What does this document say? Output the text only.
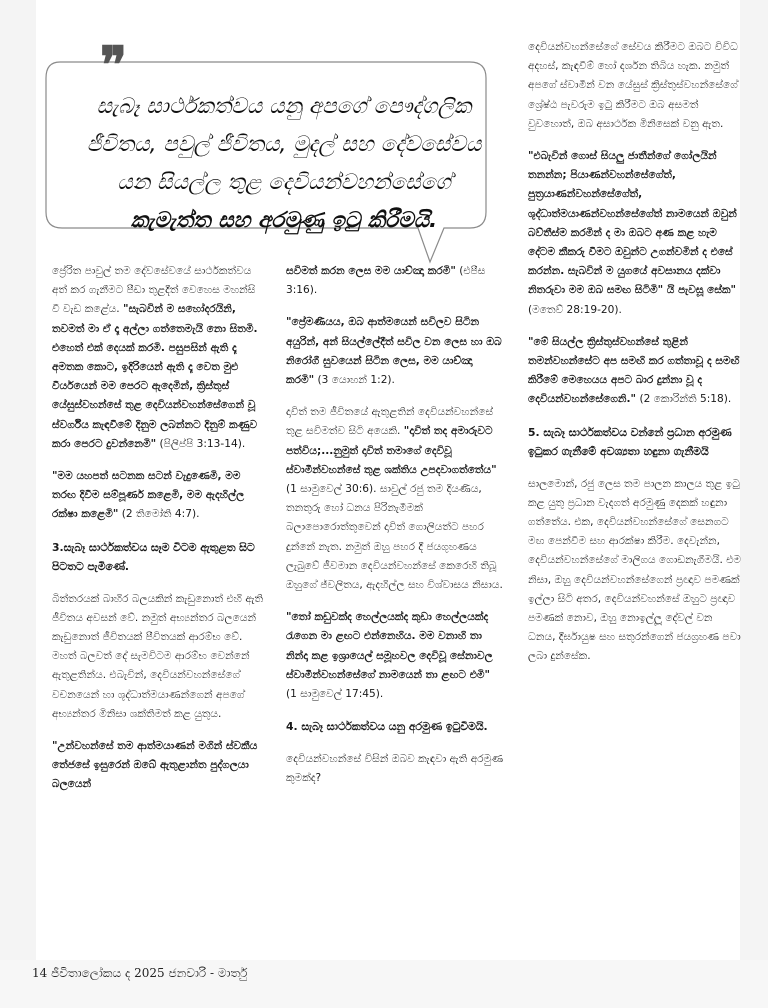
❞
සැබෑ සාර්ථකත්වය යනු අපගේ පෞද්ගලික
ජීවිතය, පවුල් ජීවිතය, මුදල් සහ දේවසේවය
යන සියල්ල තුළ දෙවියන්වහන්සේගේ
කැමැත්ත සහ අරමුණු ඉටු කිරීමයි.

ප්‍රේරිත පාවුල් තම දේවසේවයේ සාර්ථකත්වය අත් කර ගැනීමට පීඩා තුළදීත් වෙහෙස මහන්සි වී වැඩ කළේය. "සැබවින් ම සහෝදරයිනි, තවමත් මා ඒ දෑ අල්ලා ගත්තෙමැයි නො සිතමි. එහෙත් එක් දෙයක් කරමි. පසුපසින් ඇති දෑ අමතක කොට, ඉදිරියෙන් ඇති දෑ වෙත මුළු වීර්යයෙන් මම පෙරට ඇදෙමින්, ක්‍රිස්තුස් යේසුස්වහන්සේ තුළ දෙවියන්වහන්සේගෙන් වූ ස්වර්ගීය කැඳවීමේ දිනුම ලබන්නට දිනුම් කණුව කරා පෙරට දුවන්නෙමි" (පිලිප්පි 3:13-14).

"මම යහපත් සටනක සටන් වැදුණෙමි, මම තරඟ දිවීම සම්පූර්ණ කළෙමි, මම ඇදහිල්ල රක්ෂා කළෙමි" (2 තිමෝති 4:7).

3.සැබෑ සාර්ථකත්වය සෑම විටම ඇතුළත සිට පිටතට පැමිණේ.

බිත්තරයක් බාහිර බලයකින් කැඩුනොත් එහි ඇති ජීවිතය අවසන් වේ. නමුත් අභ්‍යන්තර බලයෙන් කැඩුනොත් ජීවිතයක් පීවිතයක් ආරම්භ වේ. මහත් බලවත් දේ සැමවිටම ආරම්භ වෙන්නේ ඇතුළතින්ය. එබැවින්, දෙවියන්වහන්සේගේ වචනයෙන් හා ශුද්ධාත්මයාණන්ගෙන් අපගේ අභ්‍යන්තර මිනිසා ශක්තිමත් කළ යුතුය.

"උන්වහන්සේ තම ආත්මයාණන් මගින් ස්වකීය තේජසේ ඉසුරෙන් ඔබේ ඇතුළාන්ත පුද්ගලයා බලයෙන්

සවිමත් කරන ලෙස මම යාච්ඤා කරමි" (එපීස 3:16).

"ප්‍රේමණීයය, ඔබ ආත්මයෙන් සවිලව සිටින අයුරින්, අන් සියල්ලේදීත් සවිල වන ලෙස හා ඔබ නිරෝගී සුවයෙන් සිටින ලෙස, මම යාච්ඤා කරමි" (3 යොහන් 1:2).

දාවිත් තම ජීවිතයේ ඇතුළතින් දෙවියන්වහන්සේ තුළ සවිමත්ව සිටි අයෙකි. "දාවිත් තද අමාරුවට පත්විය;...නුමුත් දාවිත් තමාගේ දෙවිවූ ස්වාමීන්වහන්සේ තුළ ශක්තිය උපදවාගත්තේය" (1 සාමුවෙල් 30:6). සාවුල් රජු තම දියණිය, තනතුරු හෝ ධනය පිරිනැමීමක් බලාපොරොත්තුවෙන් දාවිත් ගොලියත්ට පහර දුන්නේ නැත. නමුත් ඔහු පහර දී ජයගුහණය ලැබුවේ ජීවමාන දෙවියන්වහන්සේ කෙරෙහි තිබූ ඔහුගේ ජ්වලිතය, ඇදහිල්ල සහ විශ්වාසය නිසාය.

"තෝ කඩුවක්ද හෙල්ලයක්ද කුඩා හෙල්ලයක්ද රැගෙන මා ළඟට එන්නෙහිය. මම වනාහි තා නින්දා කළ ඉශ්‍රායෙල් සමූහවල දෙවිවූ සේනාවල ස්වාමීන්වහන්සේගේ නාමයෙන් තා ළඟට එමි" (1 සාමුවෙල් 17:45).

4. සැබෑ සාර්ථකත්වය යනු අරමුණ ඉටුවීමයි.

දෙවියන්වහන්සේ විසින් ඔබව කැඳවා ඇති අරමුණ කුමක්ද?

දෙවියන්වහන්සේගේ සේවය කිරීමට ඔබට විවිධ අදහස්, කැඳවීම් හෝ දර්ශන තිබිය හැක. නමුත් අපගේ ස්වාමීන් වන යේසුස් ක්‍රිස්තුස්වහන්සේගේ ශ්‍රේෂ්ඨ පැවරුම ඉටු කිරීමට ඔබ අසමත් වුවහොත්, ඔබ අසාර්ථක මිනිසෙක් වනු ඇත.

"එබැවින් ගොස් සියලු ජාතීන්ගේ ගෝලයින් තනන්න; පියාණන්වහන්සේගේත්, පුත්‍රයාණන්වහන්සේගේත්, ශුද්ධාත්මයාණන්වහන්සේගේත් නාමයෙන් ඔවුන් බව්තීස්ම කරමින් ද මා ඔබට අණ කළ හැම දේටම කීකරු වීමට ඔවුන්ට උගන්වමින් ද එසේ කරන්න. සැබවින් ම යුගයේ අවසානය දක්වා නිතරුවා මම ඔබ සමඟ සිටිමි" යි පැවසූ සේක" (මතෙව් 28:19-20).

"මේ සියල්ල ක්‍රිස්තුස්වහන්සේ තුළින් තමන්වහන්සේට අප සමඟි කර ගත්තාවූ ද සමඟි කිරීමේ මෙහෙයය අපට බාර දුන්නා වූ ද දෙවියන්වහන්සේගෙනි." (2 කොරින්ති 5:18).

5. සැබෑ සාර්ථකත්වය වන්නේ ප්‍රධාන අරමුණ ඉටුකර ගැනීමේ අවශ්‍යතා හඳුනා ගැනීමයි

සාලමොන්, රජු ලෙස තම පාලන කාලය තුළ ඉටු කළ යුතු ප්‍රධාන වැදගත් අරමුණු දෙකක් හඳුනා ගත්තේය. එක, දෙවියන්වහන්සේගේ සෙනගට මඟ පෙන්වීම සහ ආරක්ෂා කිරීම. දෙවැන්න, දෙවියන්වහන්සේගේ මාලිගය ගොඩනැගීමයි. එම නිසා, ඔහු දෙවියන්වහන්සේගෙන් ප්‍රඥාව පමණක් ඉල්ලා සිටි අතර, දෙවියන්වහන්සේ ඔහුට ප්‍රඥාව පමණක් නොව, ඔහු නොඉල්ලූ දේවල් වන ධනය, දීර්ඝායුෂ සහ සතුරන්ගෙන් ජයග්‍රහණ පවා ලබා දුන්සේක.

14 ජීවිතාලෝකය ද 2025 ජනවාරි - මාර්තු
